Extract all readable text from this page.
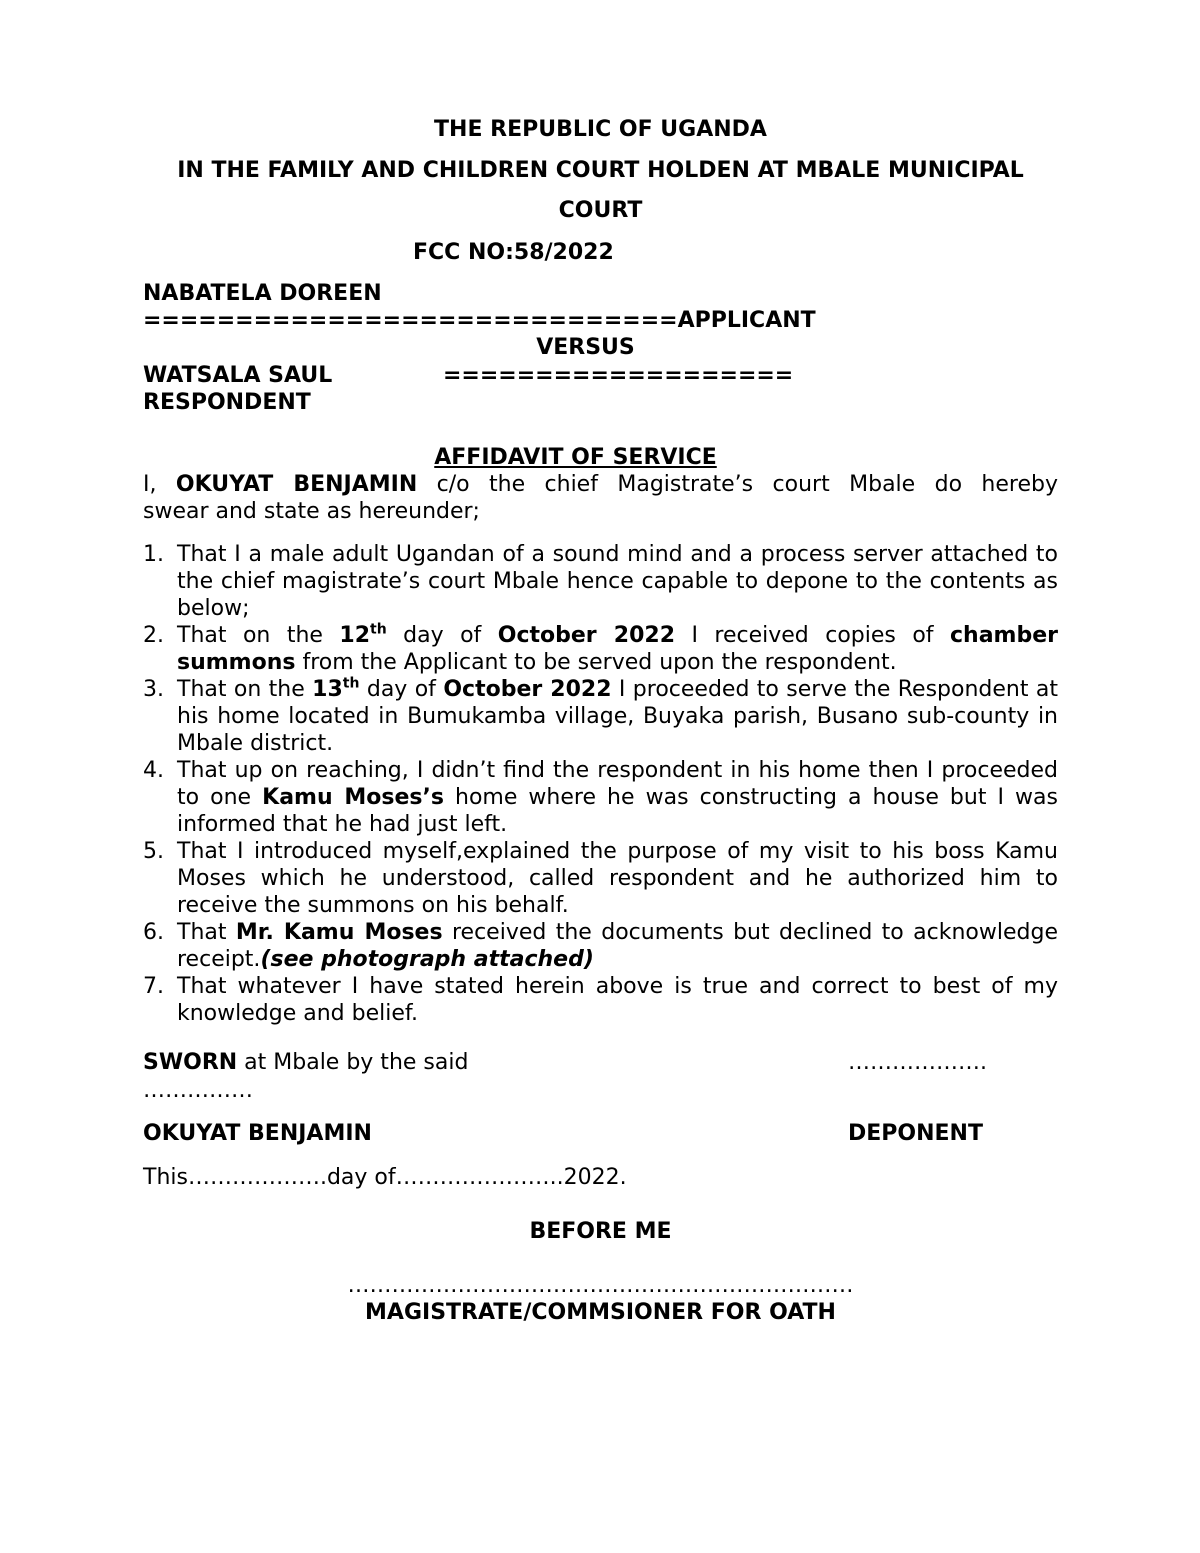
THE REPUBLIC OF UGANDA
IN THE FAMILY AND CHILDREN COURT HOLDEN AT MBALE MUNICIPAL
COURT
FCC NO:58/2022
NABATELA DOREEN
=============================APPLICANT
VERSUS
WATSALA SAUL	===================
RESPONDENT
AFFIDAVIT OF SERVICE
I, OKUYAT BENJAMIN c/o the chief Magistrate’s court Mbale do hereby
swear and state as hereunder;
1. That I a male adult Ugandan of a sound mind and a process server attached to the chief magistrate’s court Mbale hence capable to depone to the contents as below;
2. That on the 12th day of October 2022 I received copies of chamber summons from the Applicant to be served upon the respondent.
3. That on the 13th day of October 2022 I proceeded to serve the Respondent at his home located in Bumukamba village, Buyaka parish, Busano sub-county in Mbale district.
4. That up on reaching, I didn’t find the respondent in his home then I proceeded to one Kamu Moses’s home where he was constructing a house but I was informed that he had just left.
5. That I introduced myself,explained the purpose of my visit to his boss Kamu Moses which he understood, called respondent and he authorized him to receive the summons on his behalf.
6. That Mr. Kamu Moses received the documents but declined to acknowledge receipt.(see photograph attached)
7. That whatever I have stated herein above is true and correct to best of my knowledge and belief.
SWORN at Mbale by the said	……………….
……………
OKUYAT BENJAMIN	DEPONENT
This……………….day of…………………..2022.
BEFORE ME
……………………………………………………………
MAGISTRATE/COMMSIONER FOR OATH
